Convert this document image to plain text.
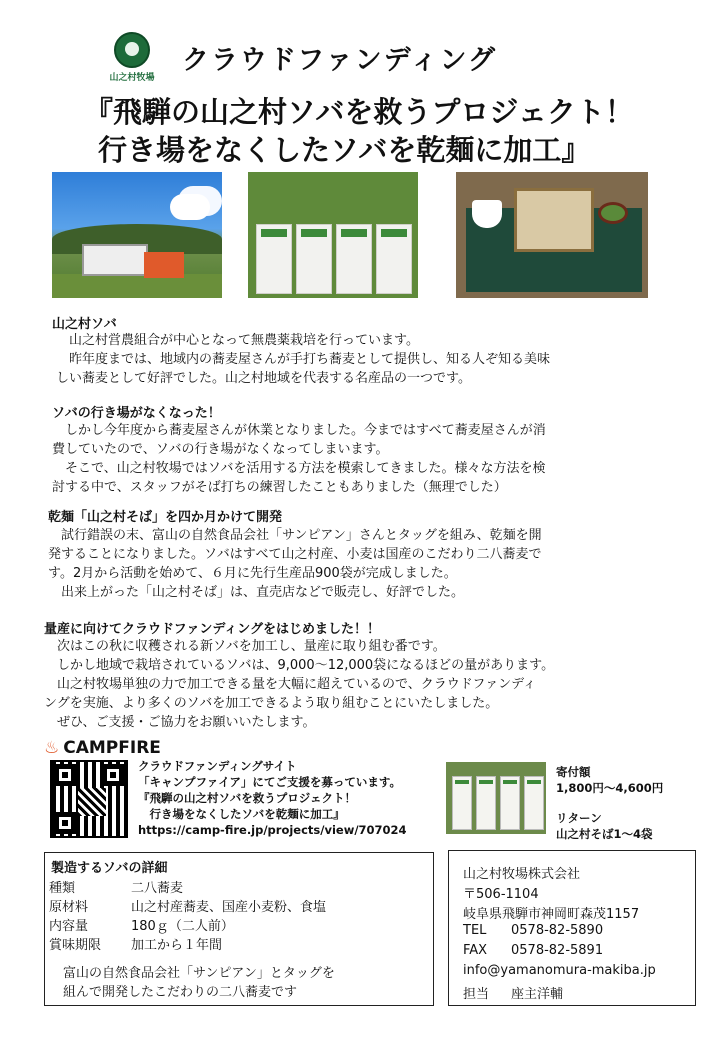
山之村牧場
クラウドファンディング
『飛騨の山之村ソバを救うプロジェクト！
行き場をなくしたソバを乾麺に加工』
山之村ソバ
　山之村営農組合が中心となって無農薬栽培を行っています。
　昨年度までは、地域内の蕎麦屋さんが手打ち蕎麦として提供し、知る人ぞ知る美味
しい蕎麦として好評でした。山之村地域を代表する名産品の一つです。
ソバの行き場がなくなった！
　しかし今年度から蕎麦屋さんが休業となりました。今まではすべて蕎麦屋さんが消
費していたので、ソバの行き場がなくなってしまいます。
　そこで、山之村牧場ではソバを活用する方法を模索してきました。様々な方法を検
討する中で、スタッフがそば打ちの練習したこともありました（無理でした）
乾麺「山之村そば」を四か月かけて開発
　試行錯誤の末、富山の自然食品会社「サンピアン」さんとタッグを組み、乾麺を開
発することになりました。ソバはすべて山之村産、小麦は国産のこだわり二八蕎麦で
す。2月から活動を始めて、６月に先行生産品900袋が完成しました。
　出来上がった「山之村そば」は、直売店などで販売し、好評でした。
量産に向けてクラウドファンディングをはじめました！！
　次はこの秋に収穫される新ソバを加工し、量産に取り組む番です。
　しかし地域で栽培されているソバは、9,000〜12,000袋になるほどの量があります。
　山之村牧場単独の力で加工できる量を大幅に超えているので、クラウドファンディ
ングを実施、より多くのソバを加工できるよう取り組むことにいたしました。
　ぜひ、ご支援・ご協力をお願いいたします。
♨ CAMPFIRE
クラウドファンディングサイト
「キャンプファイア」にてご支援を募っています。
『飛騨の山之村ソバを救うプロジェクト！
　行き場をなくしたソバを乾麺に加工』
https://camp-fire.jp/projects/view/707024
寄付額
1,800円〜4,600円
リターン
山之村そば1〜4袋
製造するソバの詳細
種類	二八蕎麦
原材料	山之村産蕎麦、国産小麦粉、食塩
内容量	180ｇ（二人前）
賞味期限 加工から１年間
富山の自然食品会社「サンピアン」とタッグを
組んで開発したこだわりの二八蕎麦です
山之村牧場株式会社
〒506-1104
岐阜県飛騨市神岡町森茂1157
TEL 0578-82-5890
FAX 0578-82-5891
info@yamanomura-makiba.jp
担当 座主洋輔
